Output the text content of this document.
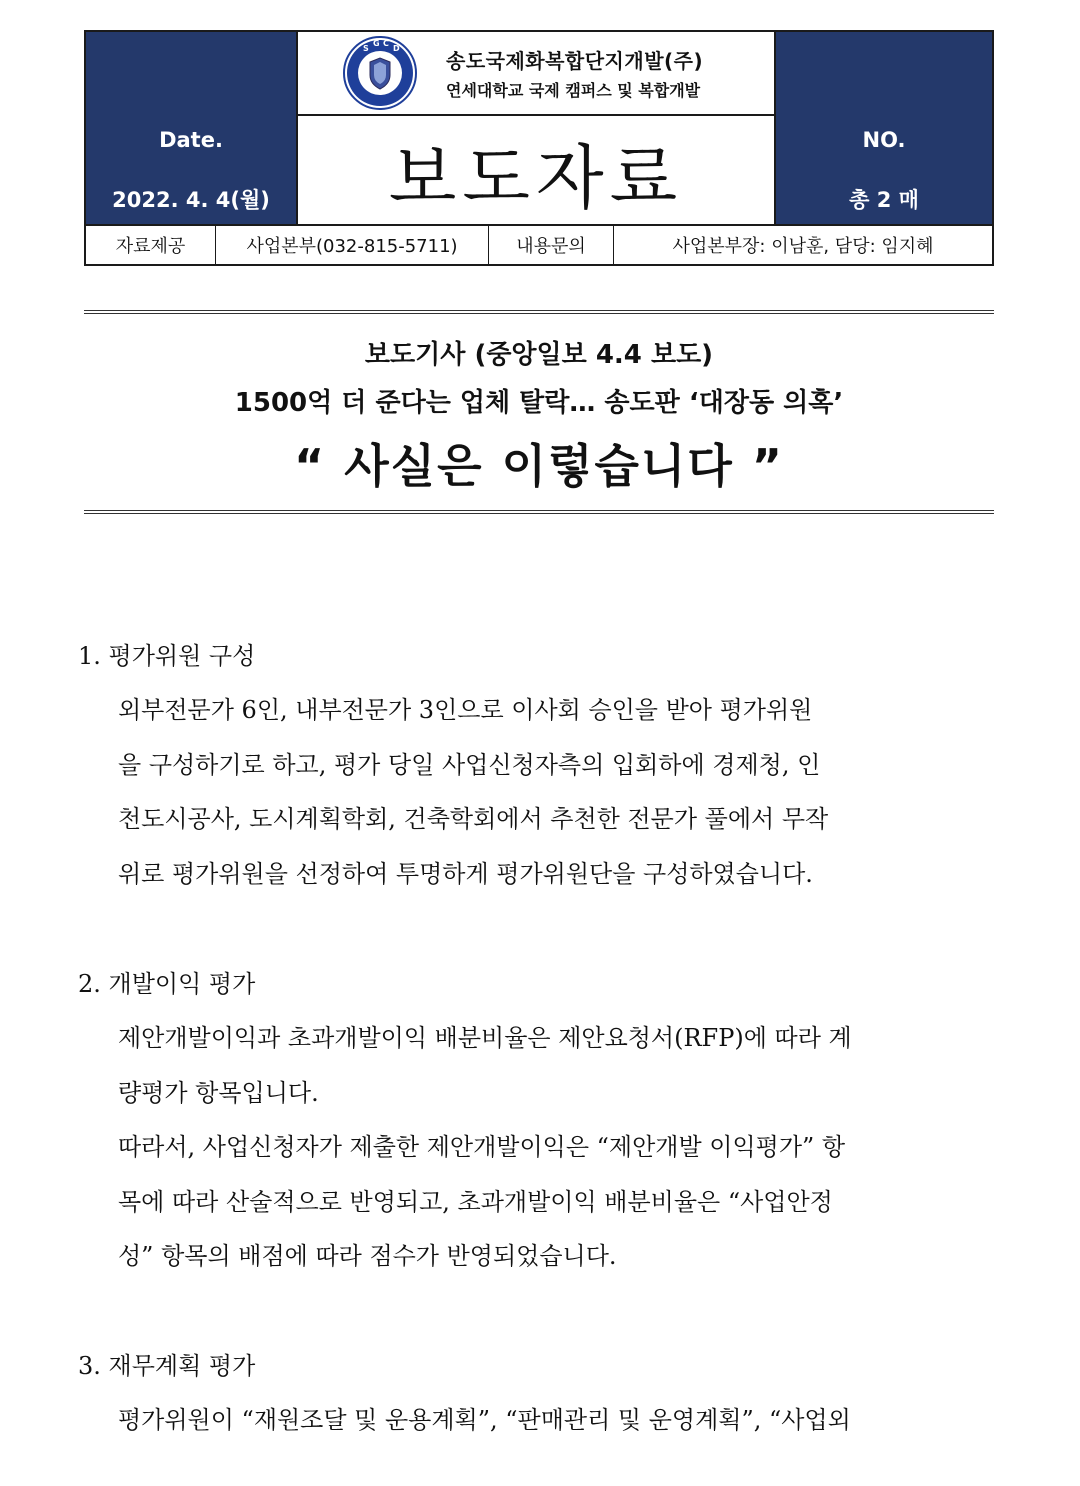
Date.
2022. 4. 4(월)
S
G C
D
송도국제화복합단지개발(주)
연세대학교 국제 캠퍼스 및 복합개발
보도자료	NO.
총 2 매
자료제공	사업본부(032-815-5711)	내용문의	사업본부장: 이남훈, 담당: 임지혜
보도기사 (중앙일보 4.4 보도)
1500억 더 준다는 업체 탈락… 송도판 ‘대장동 의혹’
“ 사실은 이렇습니다 ”
1. 평가위원 구성
외부전문가 6인, 내부전문가 3인으로 이사회 승인을 받아 평가위원
을 구성하기로 하고, 평가 당일 사업신청자측의 입회하에 경제청, 인
천도시공사, 도시계획학회, 건축학회에서 추천한 전문가 풀에서 무작
위로 평가위원을 선정하여 투명하게 평가위원단을 구성하였습니다.
2. 개발이익 평가
제안개발이익과 초과개발이익 배분비율은 제안요청서(RFP)에 따라 계
량평가 항목입니다.
따라서, 사업신청자가 제출한 제안개발이익은 “제안개발 이익평가” 항
목에 따라 산술적으로 반영되고, 초과개발이익 배분비율은 “사업안정
성” 항목의 배점에 따라 점수가 반영되었습니다.
3. 재무계획 평가
평가위원이 “재원조달 및 운용계획”, “판매관리 및 운영계획”, “사업외
